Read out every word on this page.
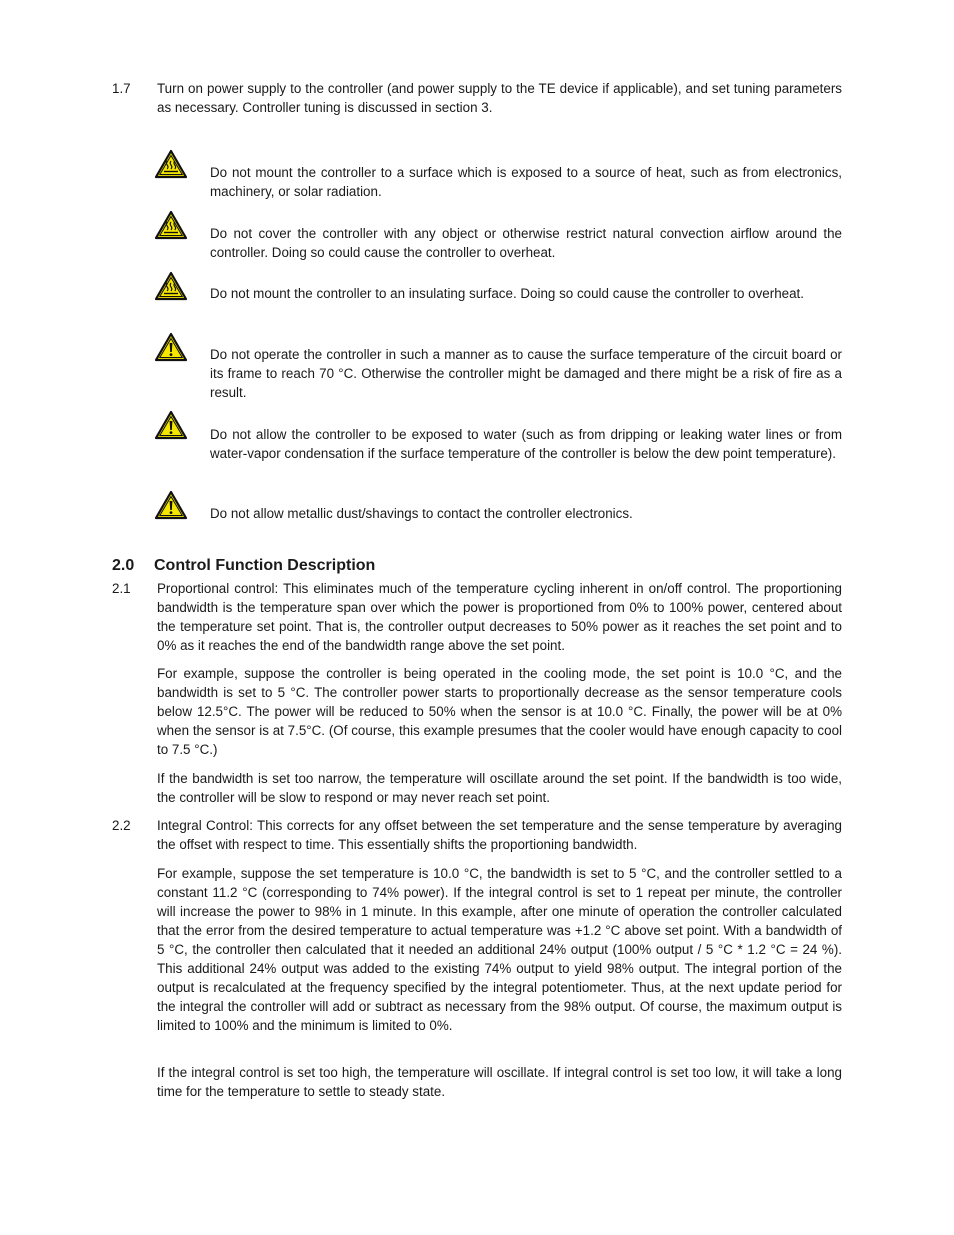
1.7 Turn on power supply to the controller (and power supply to the TE device if applicable), and set tuning parameters as necessary. Controller tuning is discussed in section 3.

Do not mount the controller to a surface which is exposed to a source of heat, such as from electronics, machinery, or solar radiation.

Do not cover the controller with any object or otherwise restrict natural convection airflow around the controller. Doing so could cause the controller to overheat.

Do not mount the controller to an insulating surface. Doing so could cause the controller to overheat.

Do not operate the controller in such a manner as to cause the surface temperature of the circuit board or its frame to reach 70 °C. Otherwise the controller might be damaged and there might be a risk of fire as a result.

Do not allow the controller to be exposed to water (such as from dripping or leaking water lines or from water-vapor condensation if the surface temperature of the controller is below the dew point temperature).

Do not allow metallic dust/shavings to contact the controller electronics.

2.0 Control Function Description
2.1 Proportional control: This eliminates much of the temperature cycling inherent in on/off control. The proportioning bandwidth is the temperature span over which the power is proportioned from 0% to 100% power, centered about the temperature set point. That is, the controller output decreases to 50% power as it reaches the set point and to 0% as it reaches the end of the bandwidth range above the set point.

For example, suppose the controller is being operated in the cooling mode, the set point is 10.0 °C, and the bandwidth is set to 5 °C. The controller power starts to proportionally decrease as the sensor temperature cools below 12.5°C. The power will be reduced to 50% when the sensor is at 10.0 °C. Finally, the power will be at 0% when the sensor is at 7.5°C. (Of course, this example presumes that the cooler would have enough capacity to cool to 7.5 °C.)

If the bandwidth is set too narrow, the temperature will oscillate around the set point. If the bandwidth is too wide, the controller will be slow to respond or may never reach set point.

2.2 Integral Control: This corrects for any offset between the set temperature and the sense temperature by averaging the offset with respect to time. This essentially shifts the proportioning bandwidth.

For example, suppose the set temperature is 10.0 °C, the bandwidth is set to 5 °C, and the controller settled to a constant 11.2 °C (corresponding to 74% power). If the integral control is set to 1 repeat per minute, the controller will increase the power to 98% in 1 minute. In this example, after one minute of operation the controller calculated that the error from the desired temperature to actual temperature was +1.2 °C above set point. With a bandwidth of 5 °C, the controller then calculated that it needed an additional 24% output (100% output / 5 °C * 1.2 °C = 24 %). This additional 24% output was added to the existing 74% output to yield 98% output. The integral portion of the output is recalculated at the frequency specified by the integral potentiometer. Thus, at the next update period for the integral the controller will add or subtract as necessary from the 98% output. Of course, the maximum output is limited to 100% and the minimum is limited to 0%.

If the integral control is set too high, the temperature will oscillate. If integral control is set too low, it will take a long time for the temperature to settle to steady state.
